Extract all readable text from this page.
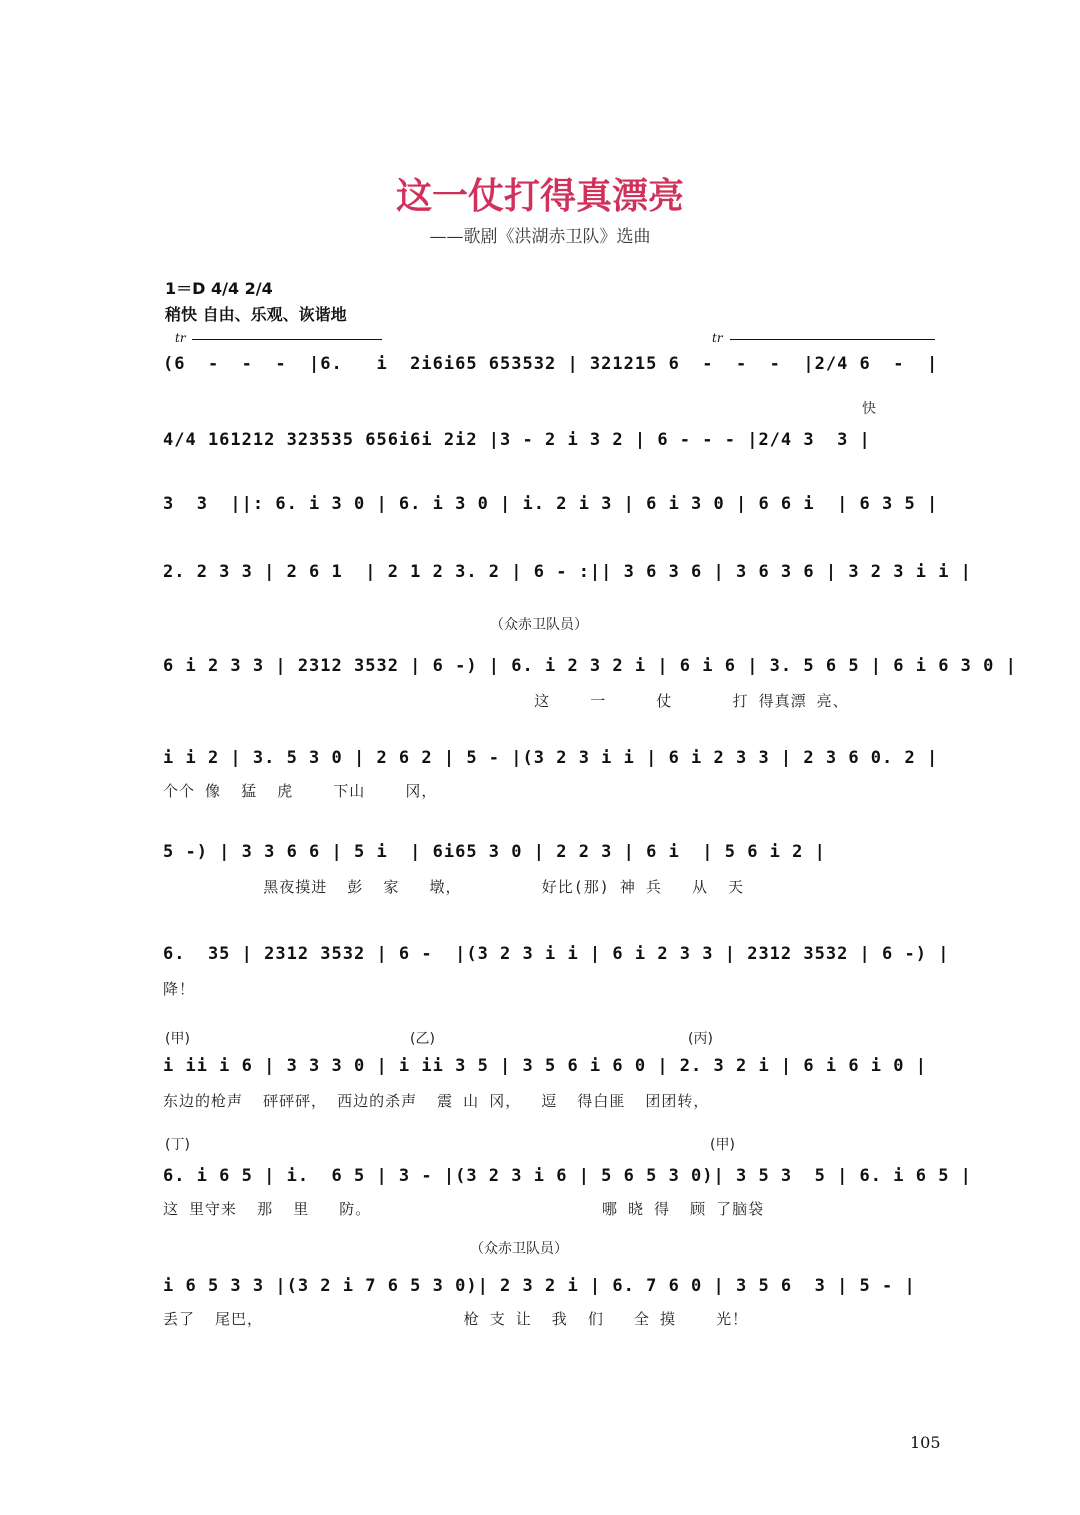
这一仗打得真漂亮
——歌剧《洪湖赤卫队》选曲
1＝D 4/4 2/4
稍快 自由、乐观、诙谐地
tr	tr
快
(6  -  -  -  |6.   i  2i6i65 653532 | 321215 6  -  -  -  |2/4 6  -  |
4/4 161212 323535 656i6i 2i2 |3 - 2 i 3 2 | 6 - - - |2/4 3  3 |
3  3  ||: 6. i 3 0 | 6. i 3 0 | i. 2 i 3 | 6 i 3 0 | 6 6 i  | 6 3 5 |
2. 2 3 3 | 2 6 1  | 2 1 2 3. 2 | 6 - :|| 3 6 3 6 | 3 6 3 6 | 3 2 3 i i |
（众赤卫队员）
6 i 2 3 3 | 2312 3532 | 6 -) | 6. i 2 3 2 i | 6 i 6 | 3. 5 6 5 | 6 i 6 3 0 |
这    一     仗      打 得真漂 亮、
i i 2 | 3. 5 3 0 | 2 6 2 | 5 - |(3 2 3 i i | 6 i 2 3 3 | 2 3 6 0. 2 |
个个 像  猛  虎    下山    冈，
5 -) | 3 3 6 6 | 5 i  | 6i65 3 0 | 2 2 3 | 6 i  | 5 6 i 2 |
黑夜摸进  彭  家   墩，        好比(那) 神 兵   从  天
6.  35 | 2312 3532 | 6 -  |(3 2 3 i i | 6 i 2 3 3 | 2312 3532 | 6 -) |
降！
(甲)	(乙)	(丙)
i ii i 6 | 3 3 3 0 | i ii 3 5 | 3 5 6 i 6 0 | 2. 3 2 i | 6 i 6 i 0 |
东边的枪声  砰砰砰， 西边的杀声  震 山 冈，  逗  得白匪  团团转，
(丁)	(甲)
6. i 6 5 | i.  6 5 | 3 - |(3 2 3 i 6 | 5 6 5 3 0)| 3 5 3  5 | 6. i 6 5 |
这 里守来  那  里   防。                       哪 晓 得  顾 了脑袋
（众赤卫队员）
i 6 5 3 3 |(3 2 i 7 6 5 3 0)| 2 3 2 i | 6. 7 6 0 | 3 5 6  3 | 5 - |
丢了  尾巴，                    枪 支 让  我  们   全 摸    光！
105
